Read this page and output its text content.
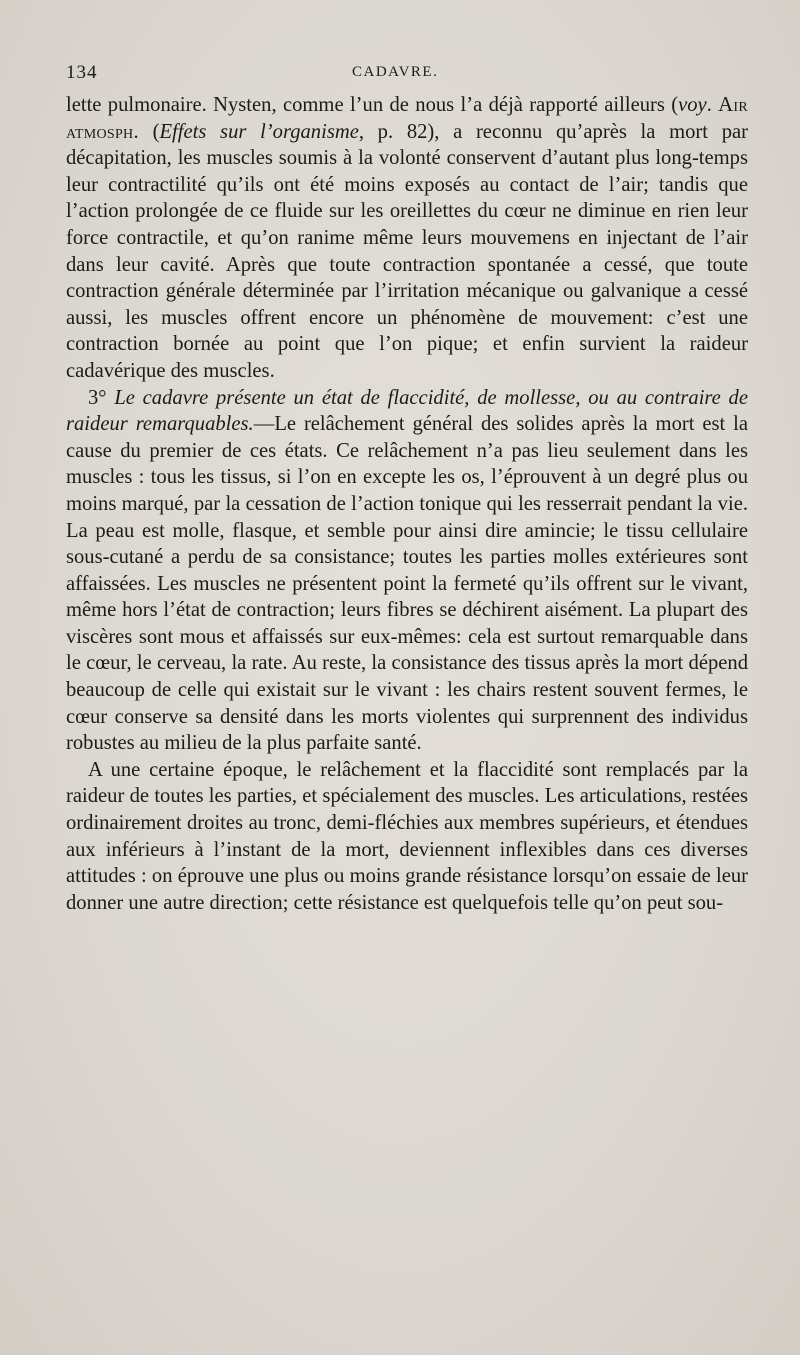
134	CADAVRE.

lette pulmonaire. Nysten, comme l’un de nous l’a déjà rapporté ailleurs (voy. Air atmosph. (Effets sur l’organisme, p. 82), a reconnu qu’après la mort par décapitation, les muscles soumis à la volonté conservent d’autant plus long-temps leur contractilité qu’ils ont été moins exposés au contact de l’air; tandis que l’action prolongée de ce fluide sur les oreillettes du cœur ne diminue en rien leur force contractile, et qu’on ranime même leurs mouvemens en injectant de l’air dans leur cavité. Après que toute contraction spontanée a cessé, que toute contraction générale déterminée par l’irritation mécanique ou galvanique a cessé aussi, les muscles offrent encore un phénomène de mouvement: c’est une contraction bornée au point que l’on pique; et enfin survient la raideur cadavérique des muscles.

3° Le cadavre présente un état de flaccidité, de mollesse, ou au contraire de raideur remarquables.—Le relâchement général des solides après la mort est la cause du premier de ces états. Ce relâchement n’a pas lieu seulement dans les muscles : tous les tissus, si l’on en excepte les os, l’éprouvent à un degré plus ou moins marqué, par la cessation de l’action tonique qui les resserrait pendant la vie. La peau est molle, flasque, et semble pour ainsi dire amincie; le tissu cellulaire sous-cutané a perdu de sa consistance; toutes les parties molles extérieures sont affaissées. Les muscles ne présentent point la fermeté qu’ils offrent sur le vivant, même hors l’état de contraction; leurs fibres se déchirent aisément. La plupart des viscères sont mous et affaissés sur eux-mêmes: cela est surtout remarquable dans le cœur, le cerveau, la rate. Au reste, la consistance des tissus après la mort dépend beaucoup de celle qui existait sur le vivant : les chairs restent souvent fermes, le cœur conserve sa densité dans les morts violentes qui surprennent des individus robustes au milieu de la plus parfaite santé.

A une certaine époque, le relâchement et la flaccidité sont remplacés par la raideur de toutes les parties, et spécialement des muscles. Les articulations, restées ordinairement droites au tronc, demi-fléchies aux membres supérieurs, et étendues aux inférieurs à l’instant de la mort, deviennent inflexibles dans ces diverses attitudes : on éprouve une plus ou moins grande résistance lorsqu’on essaie de leur donner une autre direction; cette résistance est quelquefois telle qu’on peut sou-
